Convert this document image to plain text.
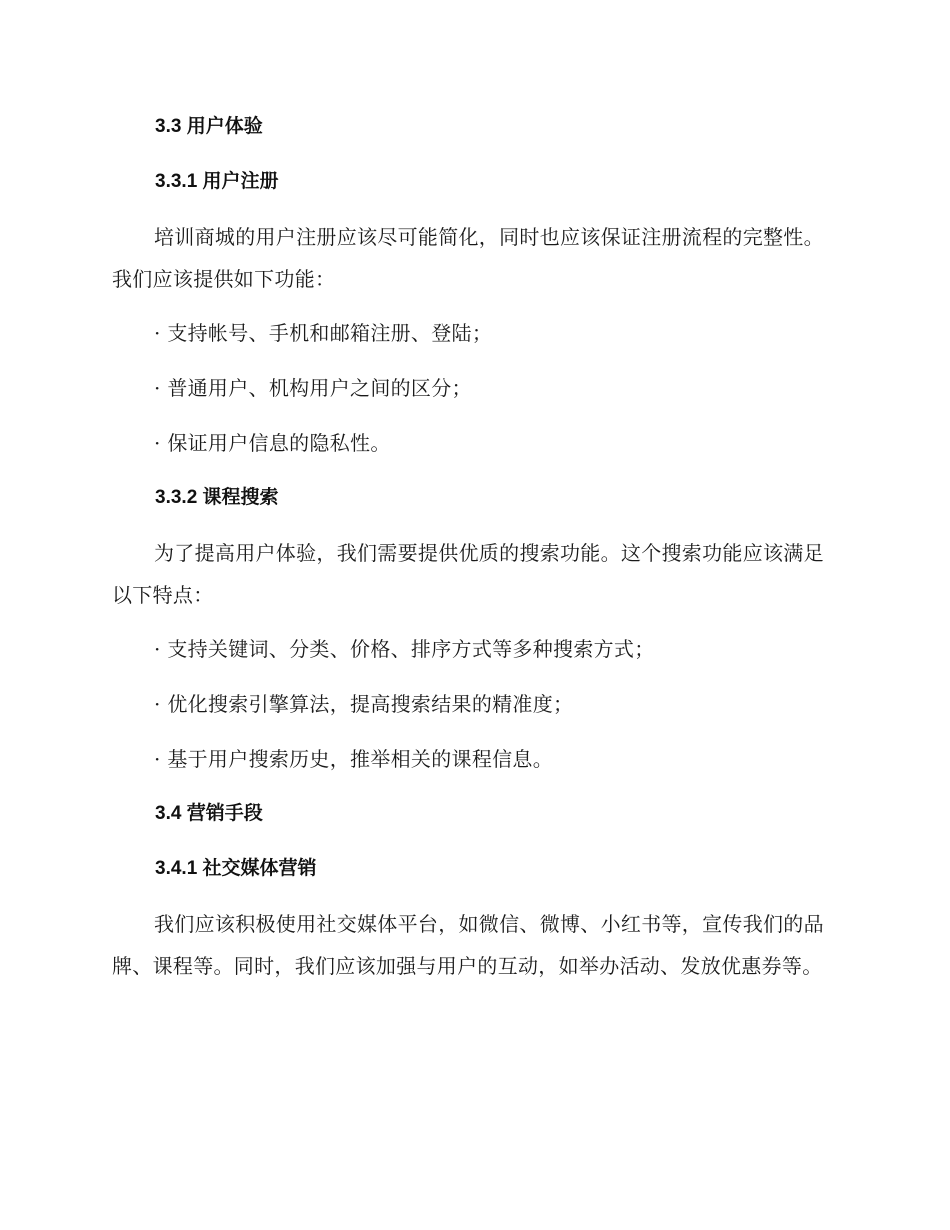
3.3 用户体验
3.3.1 用户注册

培训商城的用户注册应该尽可能简化，同时也应该保证注册流程的完整性。我们应该提供如下功能：

· 支持帐号、手机和邮箱注册、登陆；

· 普通用户、机构用户之间的区分；

· 保证用户信息的隐私性。

3.3.2 课程搜索

为了提高用户体验，我们需要提供优质的搜索功能。这个搜索功能应该满足以下特点：

· 支持关键词、分类、价格、排序方式等多种搜索方式；

· 优化搜索引擎算法，提高搜索结果的精准度；

· 基于用户搜索历史，推举相关的课程信息。

3.4 营销手段
3.4.1 社交媒体营销

我们应该积极使用社交媒体平台，如微信、微博、小红书等，宣传我们的品牌、课程等。同时，我们应该加强与用户的互动，如举办活动、发放优惠券等。
